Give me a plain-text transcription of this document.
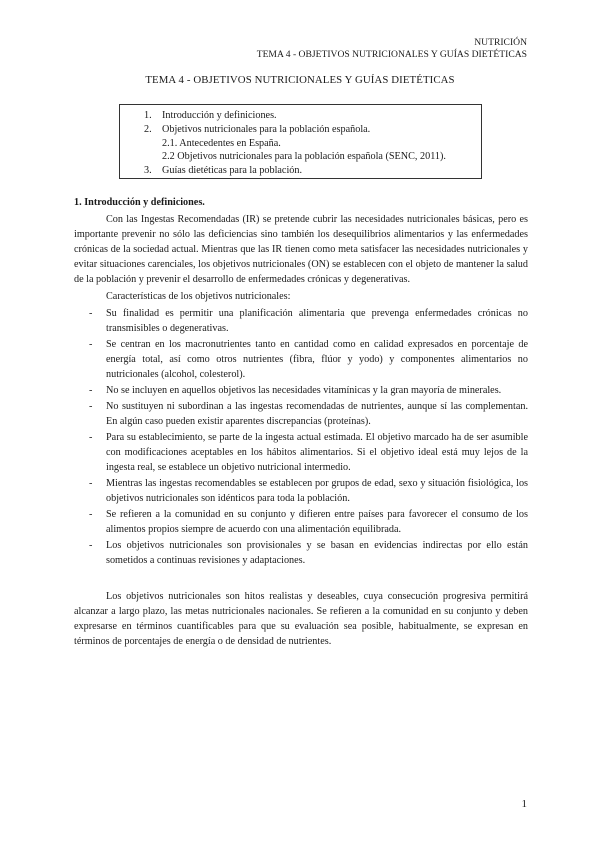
NUTRICIÓN
TEMA 4 - OBJETIVOS NUTRICIONALES Y GUÍAS DIETÉTICAS
TEMA 4 - OBJETIVOS NUTRICIONALES Y GUÍAS DIETÉTICAS
1. Introducción y definiciones.
2. Objetivos nutricionales para la población española.
2.1. Antecedentes en España.
2.2 Objetivos nutricionales para la población española (SENC, 2011).
3. Guías dietéticas para la población.
1. Introducción y definiciones.

Con las Ingestas Recomendadas (IR) se pretende cubrir las necesidades nutricionales básicas, pero es importante prevenir no sólo las deficiencias sino también los desequilibrios alimentarios y las enfermedades crónicas de la sociedad actual. Mientras que las IR tienen como meta satisfacer las necesidades nutricionales y evitar situaciones carenciales, los objetivos nutricionales (ON) se establecen con el objeto de mantener la salud de la población y prevenir el desarrollo de enfermedades crónicas y degenerativas.

Características de los objetivos nutricionales:
- Su finalidad es permitir una planificación alimentaria que prevenga enfermedades crónicas no transmisibles o degenerativas.
- Se centran en los macronutrientes tanto en cantidad como en calidad expresados en porcentaje de energía total, así como otros nutrientes (fibra, flúor y yodo) y componentes alimentarios no nutricionales (alcohol, colesterol).
- No se incluyen en aquellos objetivos las necesidades vitamínicas y la gran mayoría de minerales.
- No sustituyen ni subordinan a las ingestas recomendadas de nutrientes, aunque sí las complementan. En algún caso pueden existir aparentes discrepancias (proteínas).
- Para su establecimiento, se parte de la ingesta actual estimada. El objetivo marcado ha de ser asumible con modificaciones aceptables en los hábitos alimentarios. Si el objetivo ideal está muy lejos de la ingesta real, se establece un objetivo nutricional intermedio.
- Mientras las ingestas recomendables se establecen por grupos de edad, sexo y situación fisiológica, los objetivos nutricionales son idénticos para toda la población.
- Se refieren a la comunidad en su conjunto y difieren entre países para favorecer el consumo de los alimentos propios siempre de acuerdo con una alimentación equilibrada.
- Los objetivos nutricionales son provisionales y se basan en evidencias indirectas por ello están sometidos a continuas revisiones y adaptaciones.

Los objetivos nutricionales son hitos realistas y deseables, cuya consecución progresiva permitirá alcanzar a largo plazo, las metas nutricionales nacionales. Se refieren a la comunidad en su conjunto y deben expresarse en términos cuantificables para que su evaluación sea posible, habitualmente, se expresan en términos de porcentajes de energía o de densidad de nutrientes.

1
